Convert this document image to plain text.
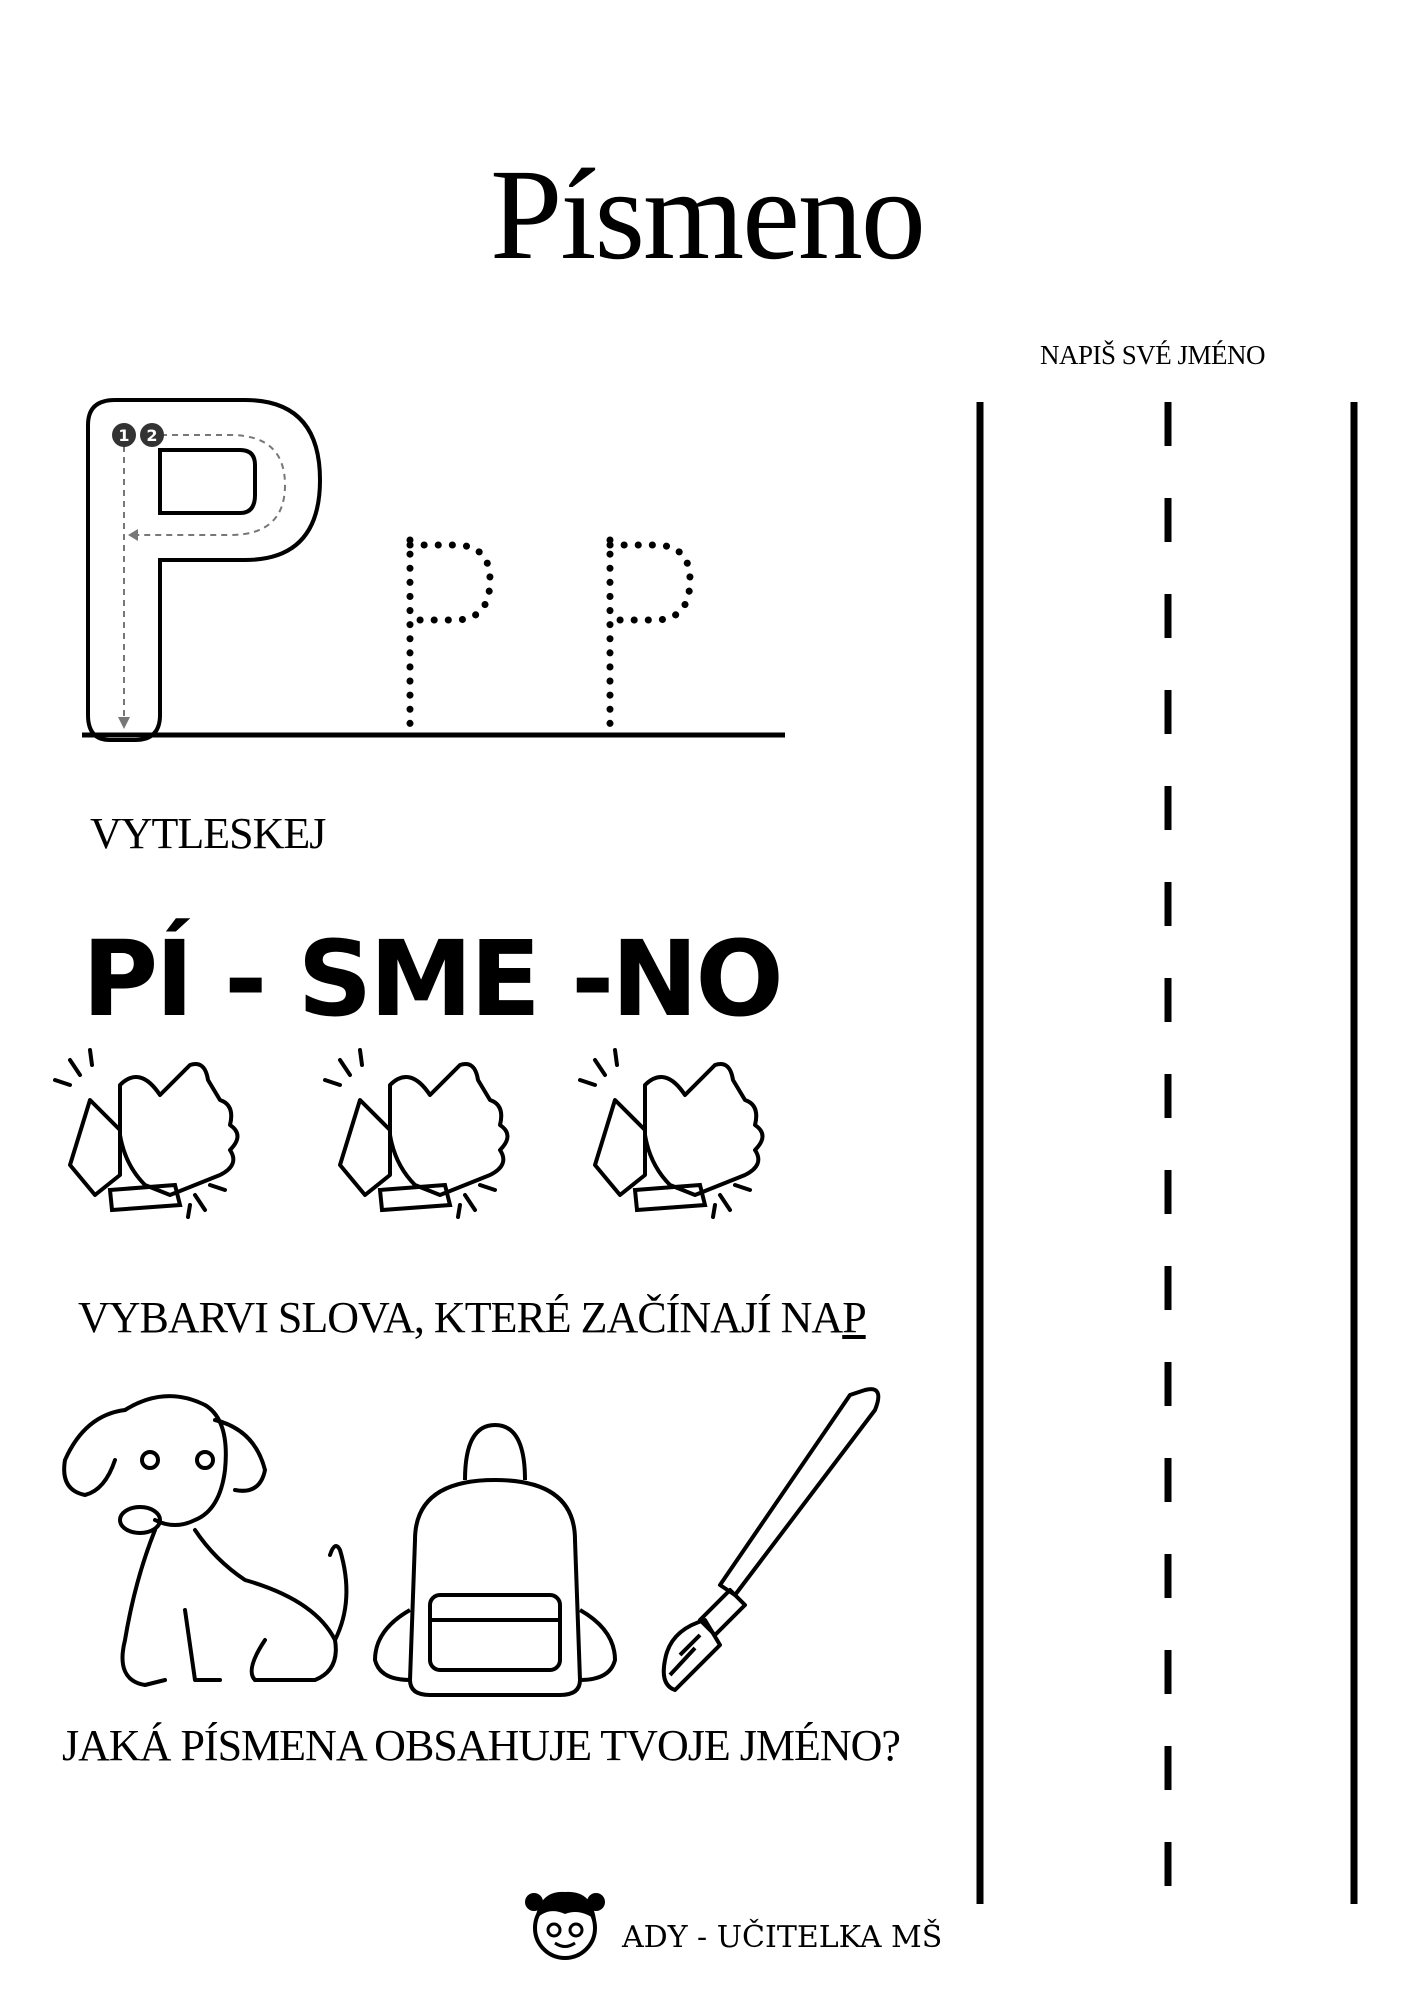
Písmeno
NAPIŠ SVÉ JMÉNO
1 2
VYTLESKEJ
PÍ - SME -NO
VYBARVI SLOVA, KTERÉ ZAČÍNAJÍ NAP
JAKÁ PÍSMENA OBSAHUJE TVOJE JMÉNO?
ADY - UČITELKA MŠ
